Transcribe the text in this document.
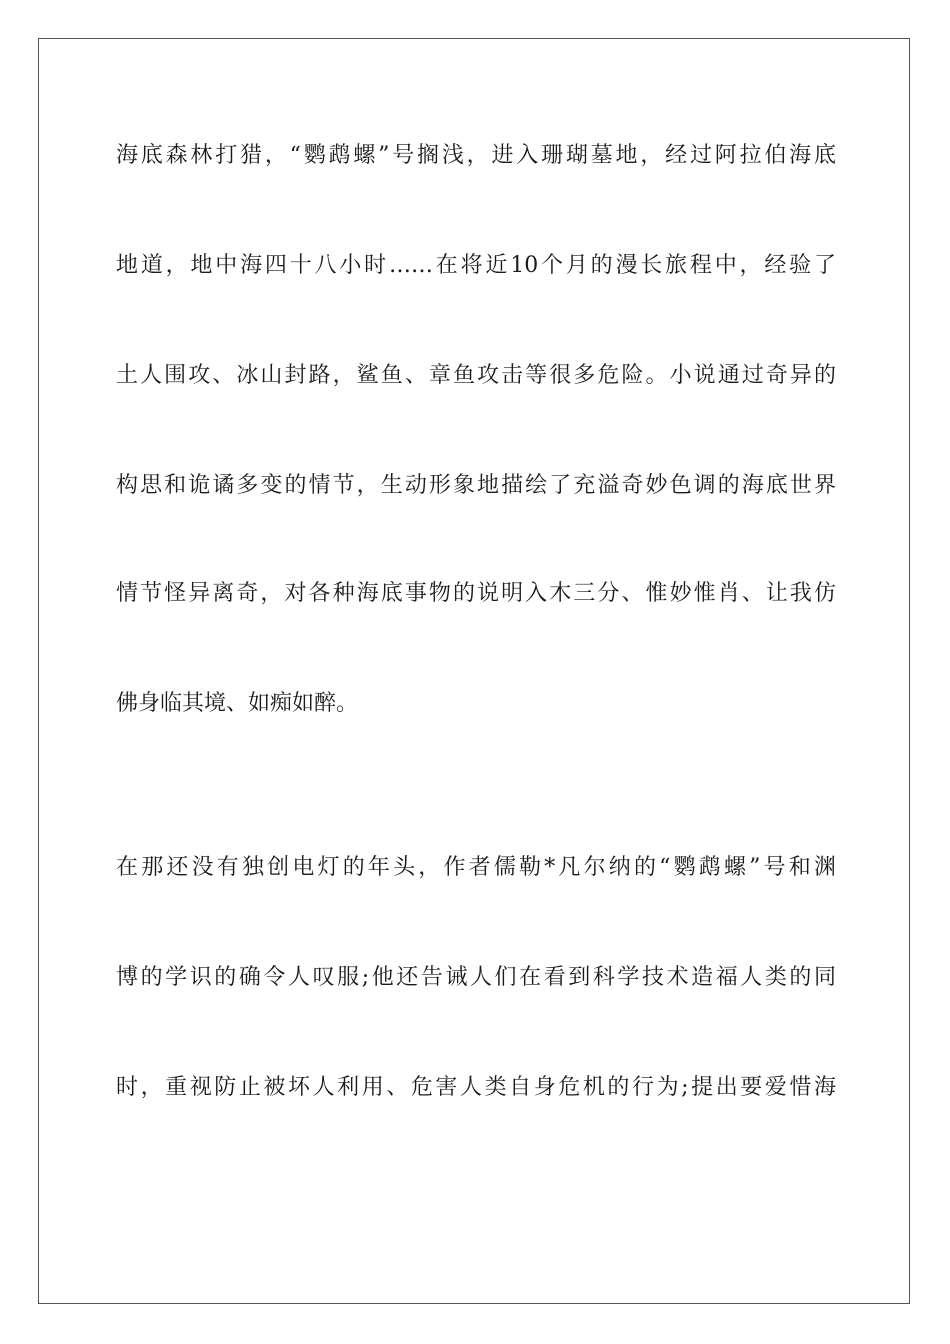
海底森林打猎，“鹦鹉螺”号搁浅，进入珊瑚墓地，经过阿拉伯海底
地道，地中海四十八小时……在将近10个月的漫长旅程中，经验了
土人围攻、冰山封路，鲨鱼、章鱼攻击等很多危险。小说通过奇异的
构思和诡谲多变的情节，生动形象地描绘了充溢奇妙色调的海底世界
情节怪异离奇，对各种海底事物的说明入木三分、惟妙惟肖、让我仿
佛身临其境、如痴如醉。
在那还没有独创电灯的年头，作者儒勒*凡尔纳的“鹦鹉螺”号和渊
博的学识的确令人叹服;他还告诫人们在看到科学技术造福人类的同
时，重视防止被坏人利用、危害人类自身危机的行为;提出要爱惜海
